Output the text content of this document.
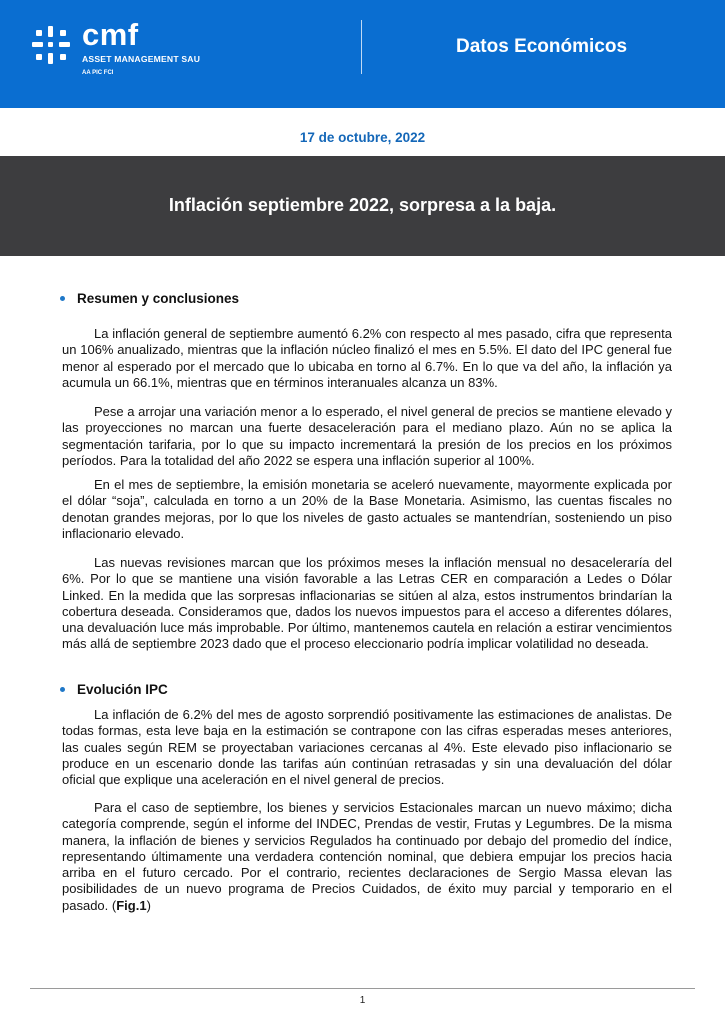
cmf
ASSET MANAGEMENT SAU
AA PIC FCI
Datos Económicos
17 de octubre, 2022
Inflación septiembre 2022, sorpresa a la baja.
Resumen y conclusiones
La inflación general de septiembre aumentó 6.2% con respecto al mes pasado, cifra que representa un 106% anualizado, mientras que la inflación núcleo finalizó el mes en 5.5%. El dato del IPC general fue menor al esperado por el mercado que lo ubicaba en torno al 6.7%. En lo que va del año, la inflación ya acumula un 66.1%, mientras que en términos interanuales alcanza un 83%.
Pese a arrojar una variación menor a lo esperado, el nivel general de precios se mantiene elevado y las proyecciones no marcan una fuerte desaceleración para el mediano plazo. Aún no se aplica la segmentación tarifaria, por lo que su impacto incrementará la presión de los precios en los próximos períodos. Para la totalidad del año 2022 se espera una inflación superior al 100%.
En el mes de septiembre, la emisión monetaria se aceleró nuevamente, mayormente explicada por el dólar “soja”, calculada en torno a un 20% de la Base Monetaria. Asimismo, las cuentas fiscales no denotan grandes mejoras, por lo que los niveles de gasto actuales se mantendrían, sosteniendo un piso inflacionario elevado.
Las nuevas revisiones marcan que los próximos meses la inflación mensual no desaceleraría del 6%. Por lo que se mantiene una visión favorable a las Letras CER en comparación a Ledes o Dólar Linked. En la medida que las sorpresas inflacionarias se sitúen al alza, estos instrumentos brindarían la cobertura deseada. Consideramos que, dados los nuevos impuestos para el acceso a diferentes dólares, una devaluación luce más improbable. Por último, mantenemos cautela en relación a estirar vencimientos más allá de septiembre 2023 dado que el proceso eleccionario podría implicar volatilidad no deseada.
Evolución IPC
La inflación de 6.2% del mes de agosto sorprendió positivamente las estimaciones de analistas. De todas formas, esta leve baja en la estimación se contrapone con las cifras esperadas meses anteriores, las cuales según REM se proyectaban variaciones cercanas al 4%. Este elevado piso inflacionario se produce en un escenario donde las tarifas aún continúan retrasadas y sin una devaluación del dólar oficial que explique una aceleración en el nivel general de precios.
Para el caso de septiembre, los bienes y servicios Estacionales marcan un nuevo máximo; dicha categoría comprende, según el informe del INDEC, Prendas de vestir, Frutas y Legumbres. De la misma manera, la inflación de bienes y servicios Regulados ha continuado por debajo del promedio del índice, representando últimamente una verdadera contención nominal, que debiera empujar los precios hacia arriba en el futuro cercado. Por el contrario, recientes declaraciones de Sergio Massa elevan las posibilidades de un nuevo programa de Precios Cuidados, de éxito muy parcial y temporario en el pasado. (Fig.1)
1
